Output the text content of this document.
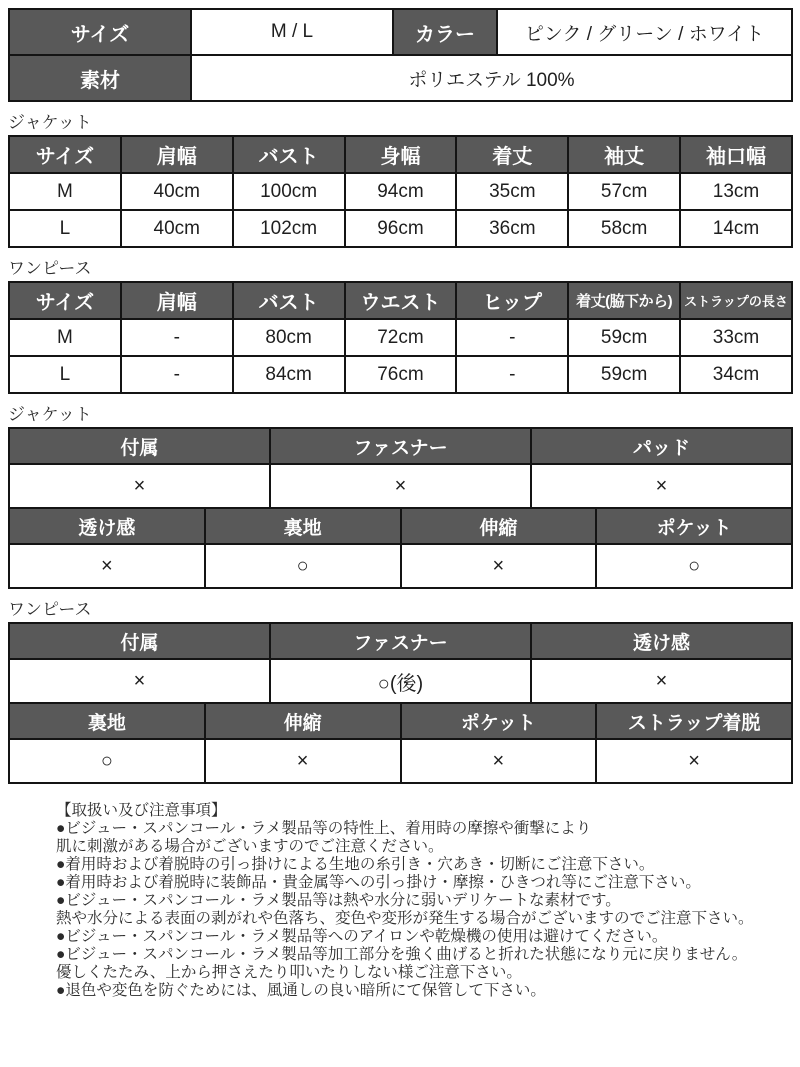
サイズ	M / L	カラー	ピンク / グリーン / ホワイト
素材	ポリエステル 100%		
ジャケット
サイズ	肩幅	バスト	身幅	着丈	袖丈	袖口幅
M	40cm	100cm	94cm	35cm	57cm	13cm
L	40cm	102cm	96cm	36cm	58cm	14cm
ワンピース
サイズ	肩幅	バスト	ウエスト	ヒップ	着丈(脇下から)	ストラップの長さ
M	-	80cm	72cm	-	59cm	33cm
L	-	84cm	76cm	-	59cm	34cm
ジャケット
付属	ファスナー	パッド
×	×	×
透け感	裏地	伸縮	ポケット
×	○	×	○
ワンピース
付属	ファスナー	透け感
×	○(後)	×
裏地	伸縮	ポケット	ストラップ着脱
○	×	×	×
【取扱い及び注意事項】
●ビジュー・スパンコール・ラメ製品等の特性上、着用時の摩擦や衝撃により
肌に刺激がある場合がございますのでご注意ください。
●着用時および着脱時の引っ掛けによる生地の糸引き・穴あき・切断にご注意下さい。
●着用時および着脱時に装飾品・貴金属等への引っ掛け・摩擦・ひきつれ等にご注意下さい。
●ビジュー・スパンコール・ラメ製品等は熱や水分に弱いデリケートな素材です。
熱や水分による表面の剥がれや色落ち、変色や変形が発生する場合がございますのでご注意下さい。
●ビジュー・スパンコール・ラメ製品等へのアイロンや乾燥機の使用は避けてください。
●ビジュー・スパンコール・ラメ製品等加工部分を強く曲げると折れた状態になり元に戻りません。
優しくたたみ、上から押さえたり叩いたりしない様ご注意下さい。
●退色や変色を防ぐためには、風通しの良い暗所にて保管して下さい。
